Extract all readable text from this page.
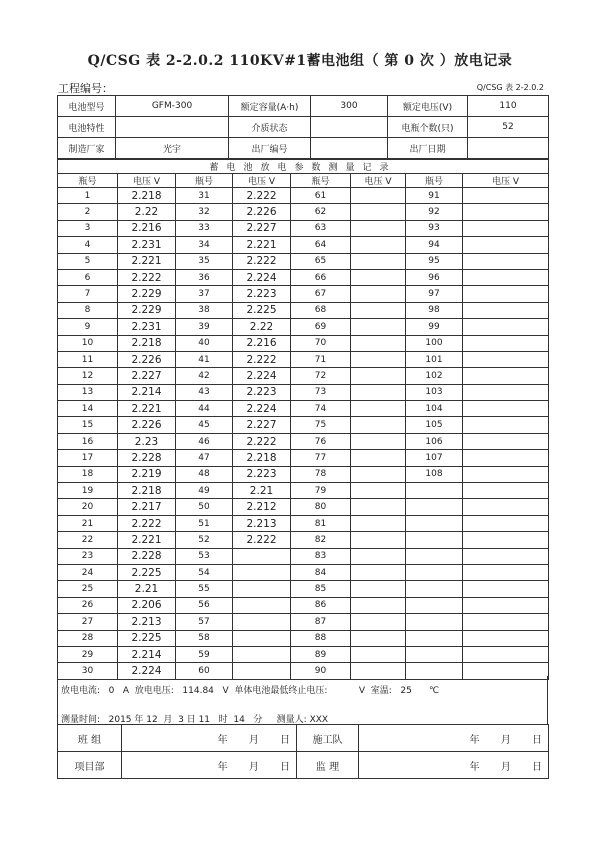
Q/CSG 表 2-2.0.2 110KV#1蓄电池组（ 第 0 次 ）放电记录
工程编号：	Q/CSG 表 2-2.0.2
电池型号	GFM-300	额定容量(A·h)	300	额定电压(V)	110
电池特性		介质状态		电瓶个数(只)	52
制造厂家	光宇	出厂编号		出厂日期	
蓄电池放电参数测量记录							
瓶号	电压 V	瓶号	电压 V	瓶号	电压 V	瓶号	电压 V
1	2.218	31	2.222	61		91	
2	2.22	32	2.226	62		92	
3	2.216	33	2.227	63		93	
4	2.231	34	2.221	64		94	
5	2.221	35	2.222	65		95	
6	2.222	36	2.224	66		96	
7	2.229	37	2.223	67		97	
8	2.229	38	2.225	68		98	
9	2.231	39	2.22	69		99	
10	2.218	40	2.216	70		100	
11	2.226	41	2.222	71		101	
12	2.227	42	2.224	72		102	
13	2.214	43	2.223	73		103	
14	2.221	44	2.224	74		104	
15	2.226	45	2.227	75		105	
16	2.23	46	2.222	76		106	
17	2.228	47	2.218	77		107	
18	2.219	48	2.223	78		108	
19	2.218	49	2.21	79			
20	2.217	50	2.212	80			
21	2.222	51	2.213	81			
22	2.221	52	2.222	82			
23	2.228	53		83			
24	2.225	54		84			
25	2.21	55		85			
26	2.206	56		86			
27	2.213	57		87			
28	2.225	58		88			
29	2.214	59		89			
30	2.224	60		90			
放电电流:   0   A  放电电压:   114.84   V  单体电池最低终止电压:           V  室温:   25      ℃
测量时间:   2015 年 12  月  3 日 11   时  14   分     测量人: XXX
班 组	年 月 日	施工队	年 月 日
项目部	年 月 日	监 理	年 月 日
